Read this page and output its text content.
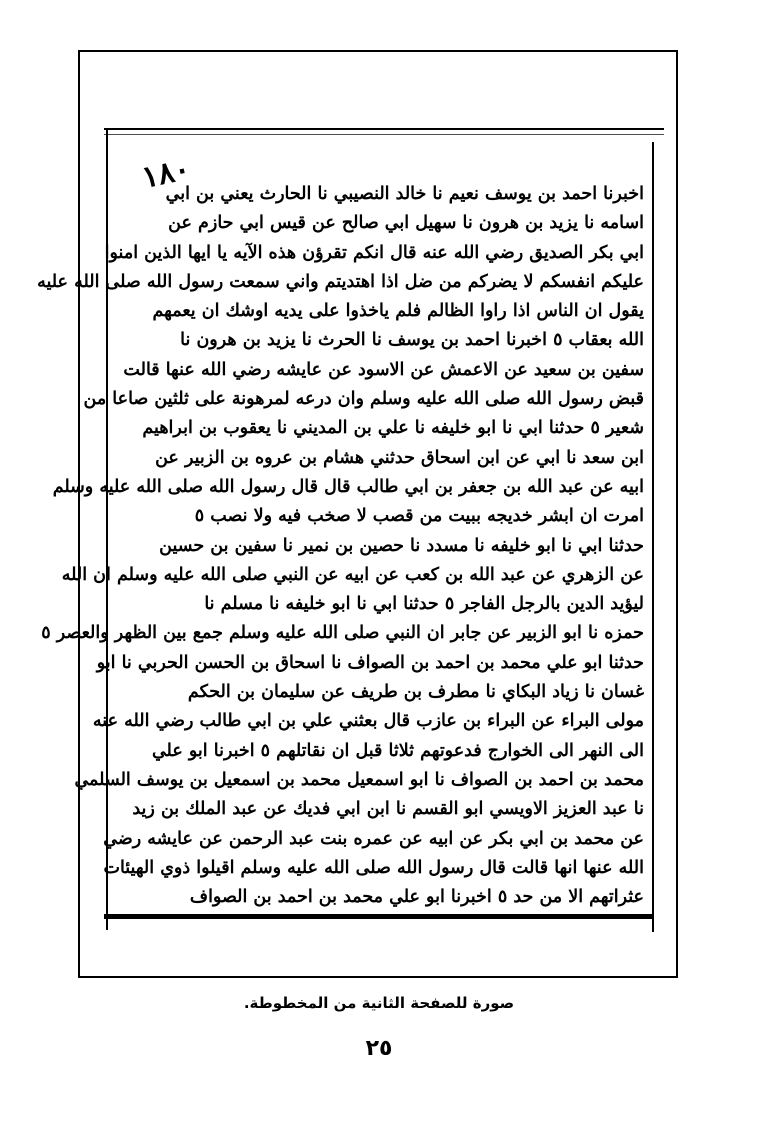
١٨٠
اخبرنا احمد بن يوسف نعيم نا خالد النصيبي نا الحارث يعني بن ابي
اسامه نا يزيد بن هرون نا سهيل ابي صالح عن قيس ابي حازم عن
ابي بكر الصديق رضي الله عنه قال انكم تقرؤن هذه الآيه يا ايها الذين امنوا
عليكم انفسكم لا يضركم من ضل اذا اهتديتم واني سمعت رسول الله صلى الله عليه
يقول ان الناس اذا راوا الظالم فلم ياخذوا على يديه اوشك ان يعمهم
الله بعقاب ٥ اخبرنا احمد بن يوسف نا الحرث نا يزيد بن هرون نا
سفين بن سعيد عن الاعمش عن الاسود عن عايشه رضي الله عنها قالت
قبض رسول الله صلى الله عليه وسلم وان درعه لمرهونة على ثلثين صاعا من
شعير ٥ حدثنا ابي نا ابو خليفه نا علي بن المديني نا يعقوب بن ابراهيم
ابن سعد نا ابي عن ابن اسحاق حدثني هشام بن عروه بن الزبير عن
ابيه عن عبد الله بن جعفر بن ابي طالب قال قال رسول الله صلى الله عليه وسلم
امرت ان ابشر خديجه ببيت من قصب لا صخب فيه ولا نصب ٥
حدثنا ابي نا ابو خليفه نا مسدد نا حصين بن نمير نا سفين بن حسين
عن الزهري عن عبد الله بن كعب عن ابيه عن النبي صلى الله عليه وسلم ان الله
ليؤيد الدين بالرجل الفاجر ٥ حدثنا ابي نا ابو خليفه نا مسلم نا
حمزه نا ابو الزبير عن جابر ان النبي صلى الله عليه وسلم جمع بين الظهر والعصر ٥
حدثنا ابو علي محمد بن احمد بن الصواف نا اسحاق بن الحسن الحربي نا ابو
غسان نا زياد البكاي نا مطرف بن طريف عن سليمان بن الحكم
مولى البراء عن البراء بن عازب قال بعثني علي بن ابي طالب رضي الله عنه
الى النهر الى الخوارج فدعوتهم ثلاثا قبل ان نقاتلهم ٥ اخبرنا ابو علي
محمد بن احمد بن الصواف نا ابو اسمعيل محمد بن اسمعيل بن يوسف السلمي
نا عبد العزيز الاويسي ابو القسم نا ابن ابي فديك عن عبد الملك بن زيد
عن محمد بن ابي بكر عن ابيه عن عمره بنت عبد الرحمن عن عايشه رضي
الله عنها انها قالت قال رسول الله صلى الله عليه وسلم اقيلوا ذوي الهيئات
عثراتهم الا من حد ٥ اخبرنا ابو علي محمد بن احمد بن الصواف
صورة للصفحة الثانية من المخطوطة.
٢٥
